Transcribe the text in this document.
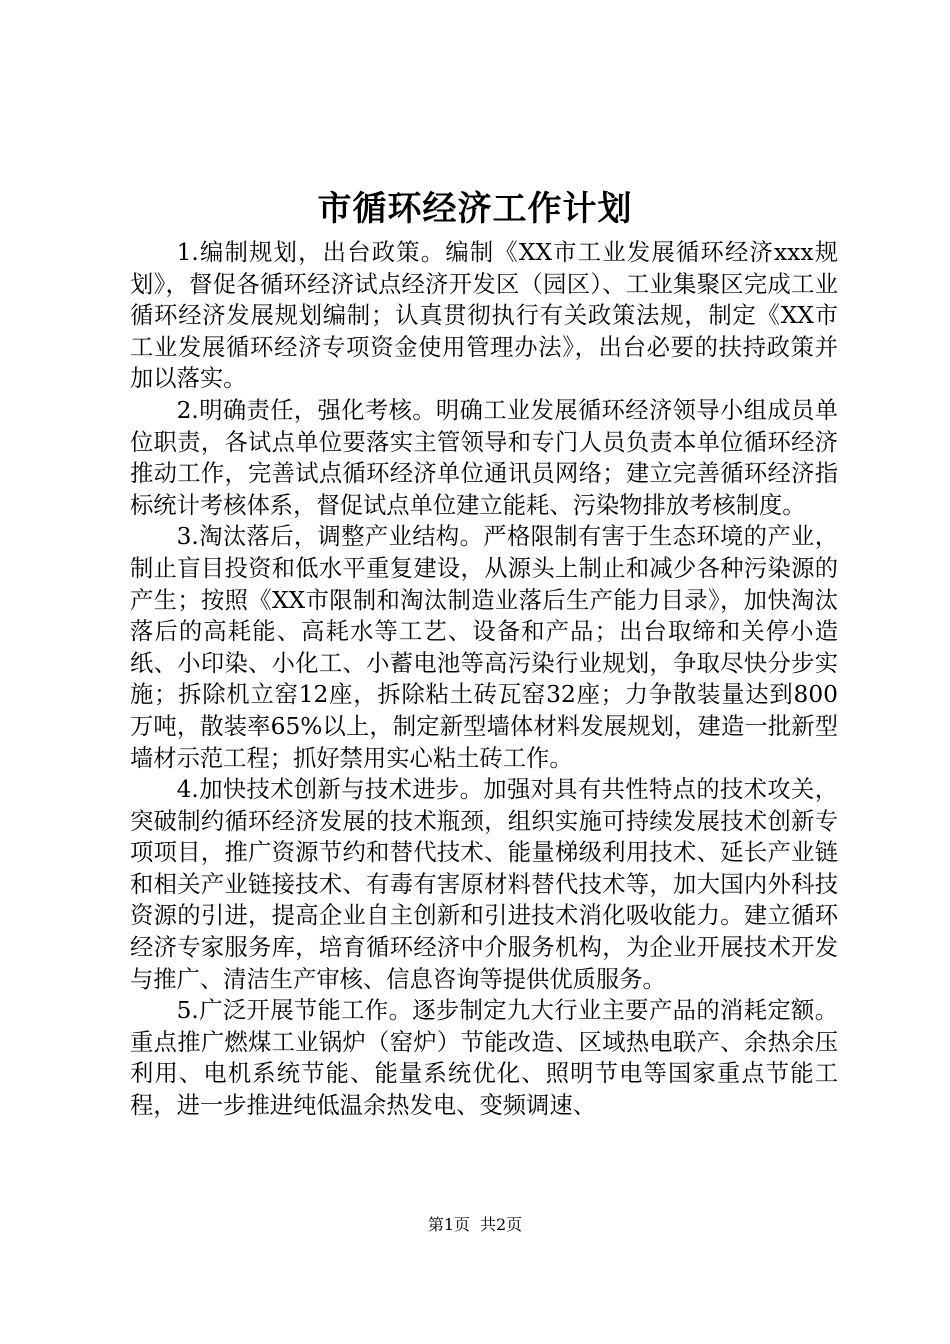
市循环经济工作计划

1.编制规划，出台政策。编制《XX市工业发展循环经济xxx规划》，督促各循环经济试点经济开发区（园区）、工业集聚区完成工业循环经济发展规划编制；认真贯彻执行有关政策法规，制定《XX市工业发展循环经济专项资金使用管理办法》，出台必要的扶持政策并加以落实。

2.明确责任，强化考核。明确工业发展循环经济领导小组成员单位职责，各试点单位要落实主管领导和专门人员负责本单位循环经济推动工作，完善试点循环经济单位通讯员网络；建立完善循环经济指标统计考核体系，督促试点单位建立能耗、污染物排放考核制度。

3.淘汰落后，调整产业结构。严格限制有害于生态环境的产业，制止盲目投资和低水平重复建设，从源头上制止和减少各种污染源的产生；按照《XX市限制和淘汰制造业落后生产能力目录》，加快淘汰落后的高耗能、高耗水等工艺、设备和产品；出台取缔和关停小造纸、小印染、小化工、小蓄电池等高污染行业规划，争取尽快分步实施；拆除机立窑12座，拆除粘土砖瓦窑32座；力争散装量达到800万吨，散装率65%以上，制定新型墙体材料发展规划，建造一批新型墙材示范工程；抓好禁用实心粘土砖工作。

4.加快技术创新与技术进步。加强对具有共性特点的技术攻关，突破制约循环经济发展的技术瓶颈，组织实施可持续发展技术创新专项项目，推广资源节约和替代技术、能量梯级利用技术、延长产业链和相关产业链接技术、有毒有害原材料替代技术等，加大国内外科技资源的引进，提高企业自主创新和引进技术消化吸收能力。建立循环经济专家服务库，培育循环经济中介服务机构，为企业开展技术开发与推广、清洁生产审核、信息咨询等提供优质服务。

5.广泛开展节能工作。逐步制定九大行业主要产品的消耗定额。重点推广燃煤工业锅炉（窑炉）节能改造、区域热电联产、余热余压利用、电机系统节能、能量系统优化、照明节电等国家重点节能工程，进一步推进纯低温余热发电、变频调速、

第1页 共2页
